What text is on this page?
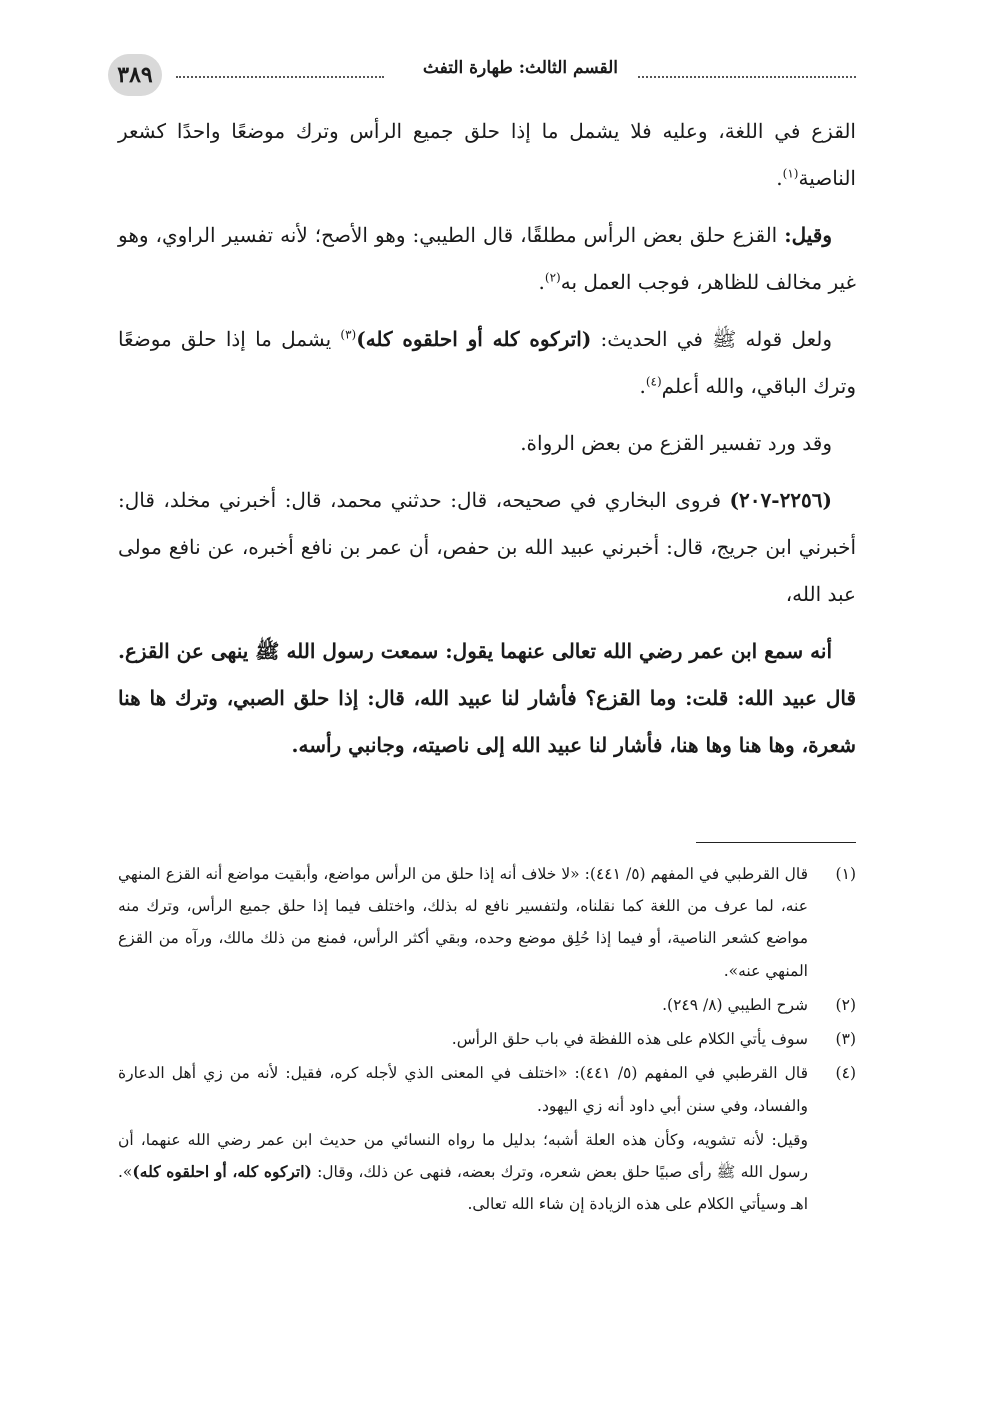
القسم الثالث: طهارة التفث
٣٨٩

القزع في اللغة، وعليه فلا يشمل ما إذا حلق جميع الرأس وترك موضعًا واحدًا كشعر الناصية$^{(١)}$.

وقيل: القزع حلق بعض الرأس مطلقًا، قال الطيبي: وهو الأصح؛ لأنه تفسير الراوي، وهو غير مخالف للظاهر، فوجب العمل به$^{(٢)}$.

ولعل قوله ﷺ في الحديث: (اتركوه كله أو احلقوه كله)$^{(٣)}$ يشمل ما إذا حلق موضعًا وترك الباقي، والله أعلم$^{(٤)}$.

وقد ورد تفسير القزع من بعض الرواة.

(٢٢٥٦-٢٠٧) فروى البخاري في صحيحه، قال: حدثني محمد، قال: أخبرني مخلد، قال: أخبرني ابن جريج، قال: أخبرني عبيد الله بن حفص، أن عمر بن نافع أخبره، عن نافع مولى عبد الله،

أنه سمع ابن عمر رضي الله تعالى عنهما يقول: سمعت رسول الله ﷺ ينهى عن القزع. قال عبيد الله: قلت: وما القزع؟ فأشار لنا عبيد الله، قال: إذا حلق الصبي، وترك ها هنا شعرة، وها هنا وها هنا، فأشار لنا عبيد الله إلى ناصيته، وجانبي رأسه.

(١)
قال القرطبي في المفهم (٥/ ٤٤١): «لا خلاف أنه إذا حلق من الرأس مواضع، وأبقيت مواضع أنه القزع المنهي عنه، لما عرف من اللغة كما نقلناه، ولتفسير نافع له بذلك، واختلف فيما إذا حلق جميع الرأس، وترك منه مواضع كشعر الناصية، أو فيما إذا حُلِق موضع وحده، وبقي أكثر الرأس، فمنع من ذلك مالك، ورآه من القزع المنهي عنه».
(٢)
شرح الطيبي (٨/ ٢٤٩).
(٣)
سوف يأتي الكلام على هذه اللفظة في باب حلق الرأس.
(٤)
قال القرطبي في المفهم (٥/ ٤٤١): «اختلف في المعنى الذي لأجله كره، فقيل: لأنه من زي أهل الدعارة والفساد، وفي سنن أبي داود أنه زي اليهود.

وقيل: لأنه تشويه، وكأن هذه العلة أشبه؛ بدليل ما رواه النسائي من حديث ابن عمر رضي الله عنهما، أن رسول الله ﷺ رأى صبيًا حلق بعض شعره، وترك بعضه، فنهى عن ذلك، وقال: (اتركوه كله، أو احلقوه كله)». اهـ وسيأتي الكلام على هذه الزيادة إن شاء الله تعالى.
